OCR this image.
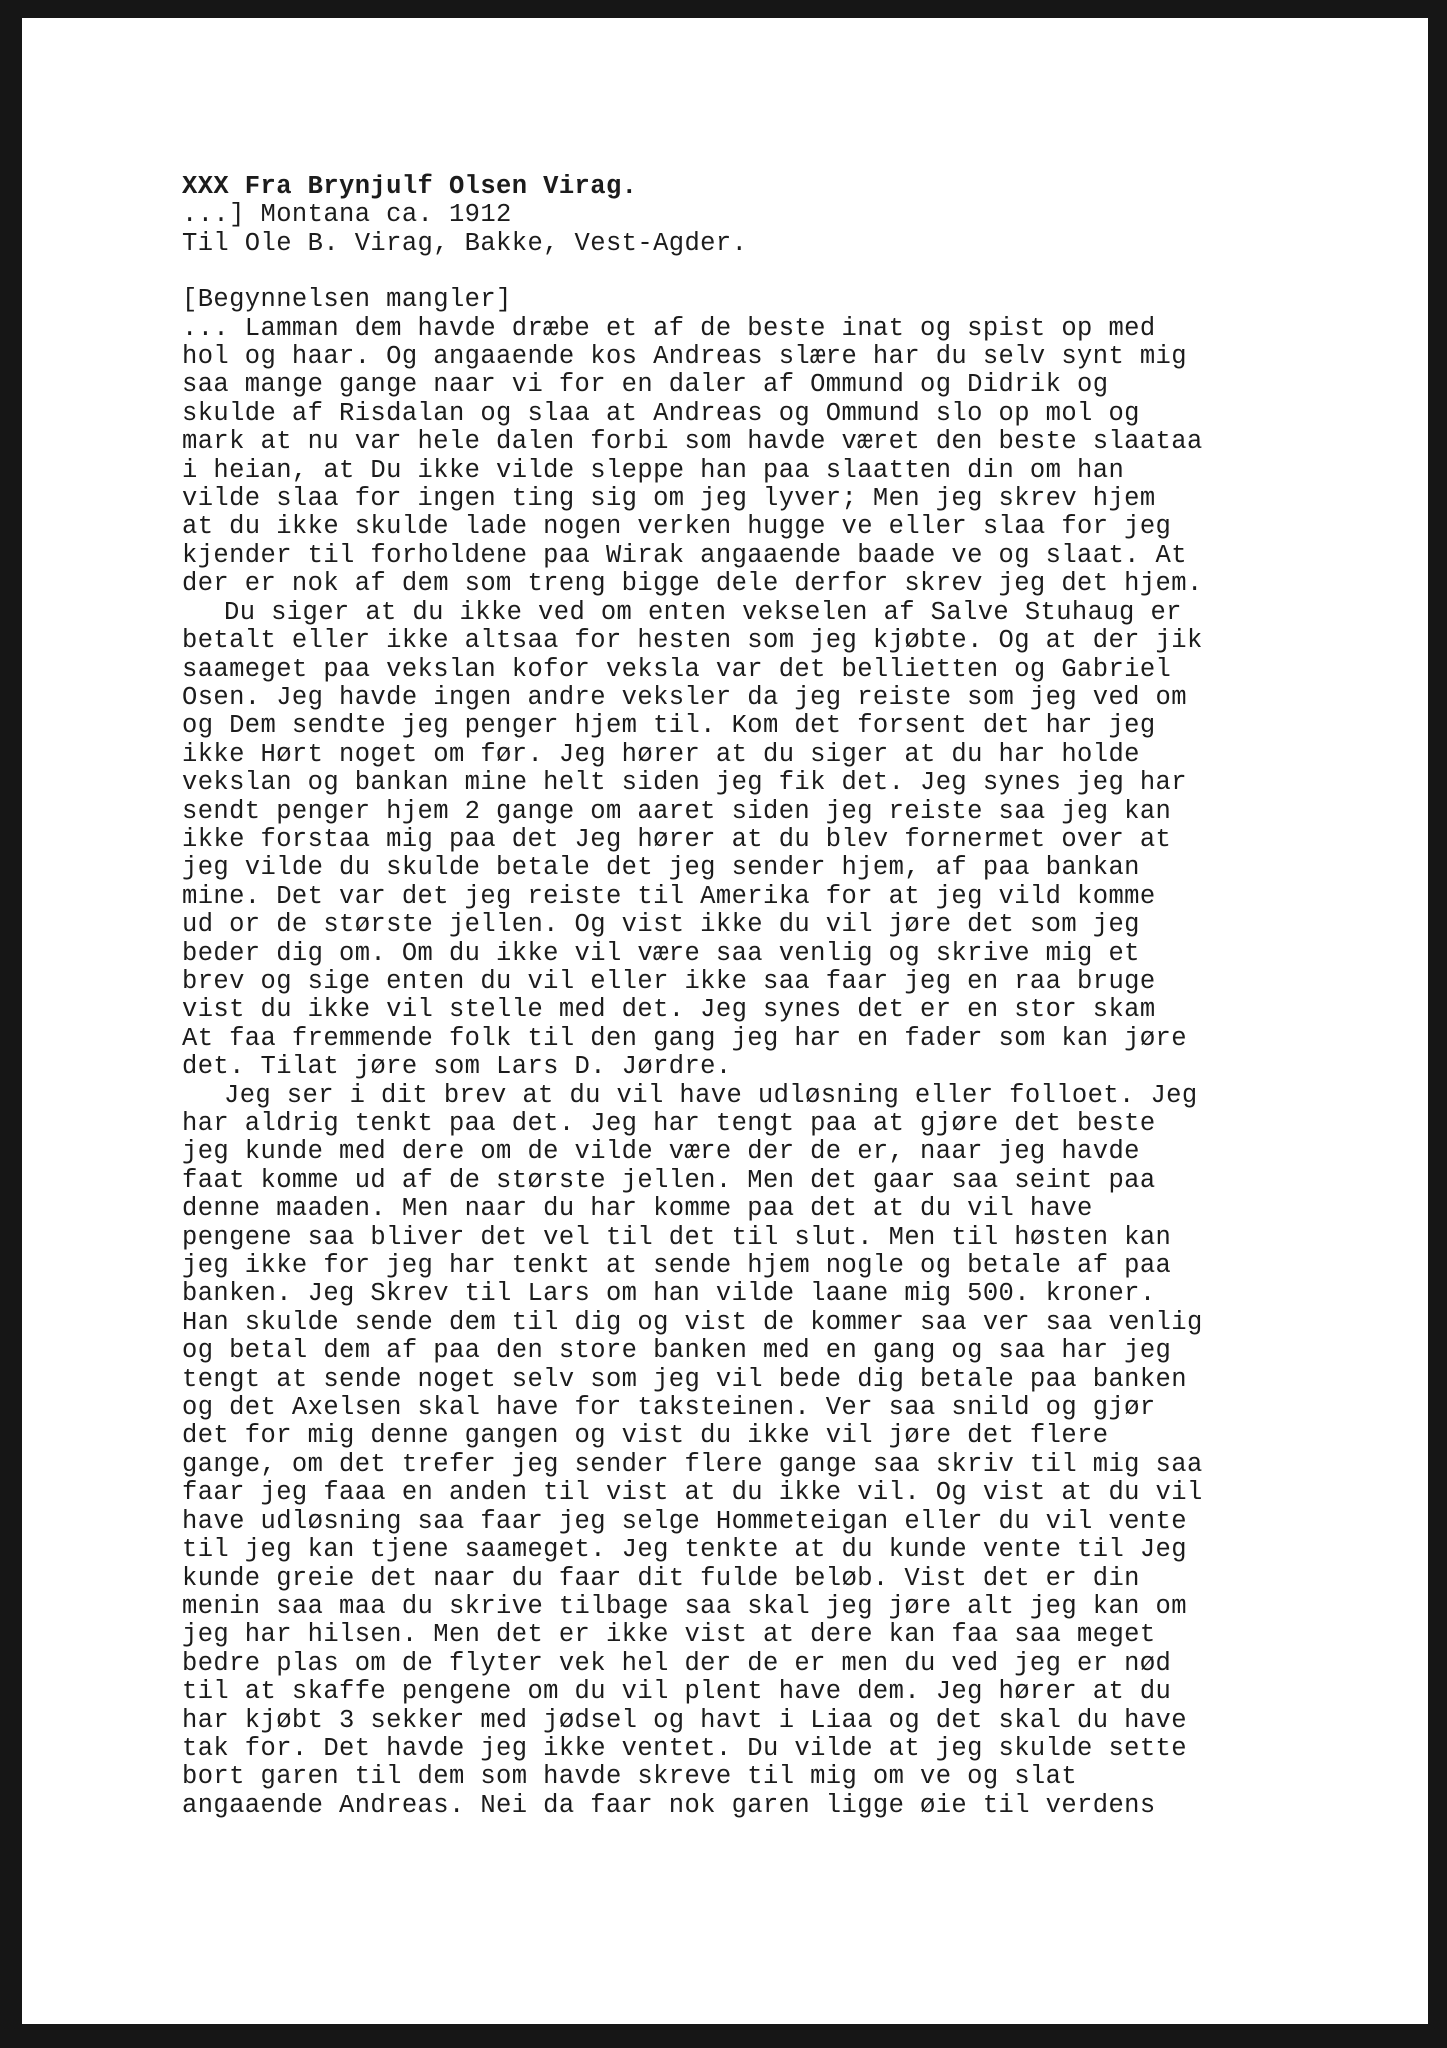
XXX Fra Brynjulf Olsen Virag.

...] Montana ca. 1912

Til Ole B. Virag, Bakke, Vest-Agder.

[Begynnelsen mangler]

... Lamman dem havde dræbe et af de beste inat og spist op med

hol og haar. Og angaaende kos Andreas slære har du selv synt mig

saa mange gange naar vi for en daler af Ommund og Didrik og

skulde af Risdalan og slaa at Andreas og Ommund slo op mol og

mark at nu var hele dalen forbi som havde været den beste slaataa

i heian, at Du ikke vilde sleppe han paa slaatten din om han

vilde slaa for ingen ting sig om jeg lyver; Men jeg skrev hjem

at du ikke skulde lade nogen verken hugge ve eller slaa for jeg

kjender til forholdene paa Wirak angaaende baade ve og slaat. At

der er nok af dem som treng bigge dele derfor skrev jeg det hjem.

Du siger at du ikke ved om enten vekselen af Salve Stuhaug er

betalt eller ikke altsaa for hesten som jeg kjøbte. Og at der jik

saameget paa vekslan kofor veksla var det bellietten og Gabriel

Osen. Jeg havde ingen andre veksler da jeg reiste som jeg ved om

og Dem sendte jeg penger hjem til. Kom det forsent det har jeg

ikke Hørt noget om før. Jeg hører at du siger at du har holde

vekslan og bankan mine helt siden jeg fik det. Jeg synes jeg har

sendt penger hjem 2 gange om aaret siden jeg reiste saa jeg kan

ikke forstaa mig paa det Jeg hører at du blev fornermet over at

jeg vilde du skulde betale det jeg sender hjem, af paa bankan

mine. Det var det jeg reiste til Amerika for at jeg vild komme

ud or de største jellen. Og vist ikke du vil jøre det som jeg

beder dig om. Om du ikke vil være saa venlig og skrive mig et

brev og sige enten du vil eller ikke saa faar jeg en raa bruge

vist du ikke vil stelle med det. Jeg synes det er en stor skam

At faa fremmende folk til den gang jeg har en fader som kan jøre

det. Tilat jøre som Lars D. Jørdre.

Jeg ser i dit brev at du vil have udløsning eller folloet. Jeg

har aldrig tenkt paa det. Jeg har tengt paa at gjøre det beste

jeg kunde med dere om de vilde være der de er, naar jeg havde

faat komme ud af de største jellen. Men det gaar saa seint paa

denne maaden. Men naar du har komme paa det at du vil have

pengene saa bliver det vel til det til slut. Men til høsten kan

jeg ikke for jeg har tenkt at sende hjem nogle og betale af paa

banken. Jeg Skrev til Lars om han vilde laane mig 500. kroner.

Han skulde sende dem til dig og vist de kommer saa ver saa venlig

og betal dem af paa den store banken med en gang og saa har jeg

tengt at sende noget selv som jeg vil bede dig betale paa banken

og det Axelsen skal have for taksteinen. Ver saa snild og gjør

det for mig denne gangen og vist du ikke vil jøre det flere

gange, om det trefer jeg sender flere gange saa skriv til mig saa

faar jeg faaa en anden til vist at du ikke vil. Og vist at du vil

have udløsning saa faar jeg selge Hommeteigan eller du vil vente

til jeg kan tjene saameget. Jeg tenkte at du kunde vente til Jeg

kunde greie det naar du faar dit fulde beløb. Vist det er din

menin saa maa du skrive tilbage saa skal jeg jøre alt jeg kan om

jeg har hilsen. Men det er ikke vist at dere kan faa saa meget

bedre plas om de flyter vek hel der de er men du ved jeg er nød

til at skaffe pengene om du vil plent have dem. Jeg hører at du

har kjøbt 3 sekker med jødsel og havt i Liaa og det skal du have

tak for. Det havde jeg ikke ventet. Du vilde at jeg skulde sette

bort garen til dem som havde skreve til mig om ve og slat

angaaende Andreas. Nei da faar nok garen ligge øie til verdens
